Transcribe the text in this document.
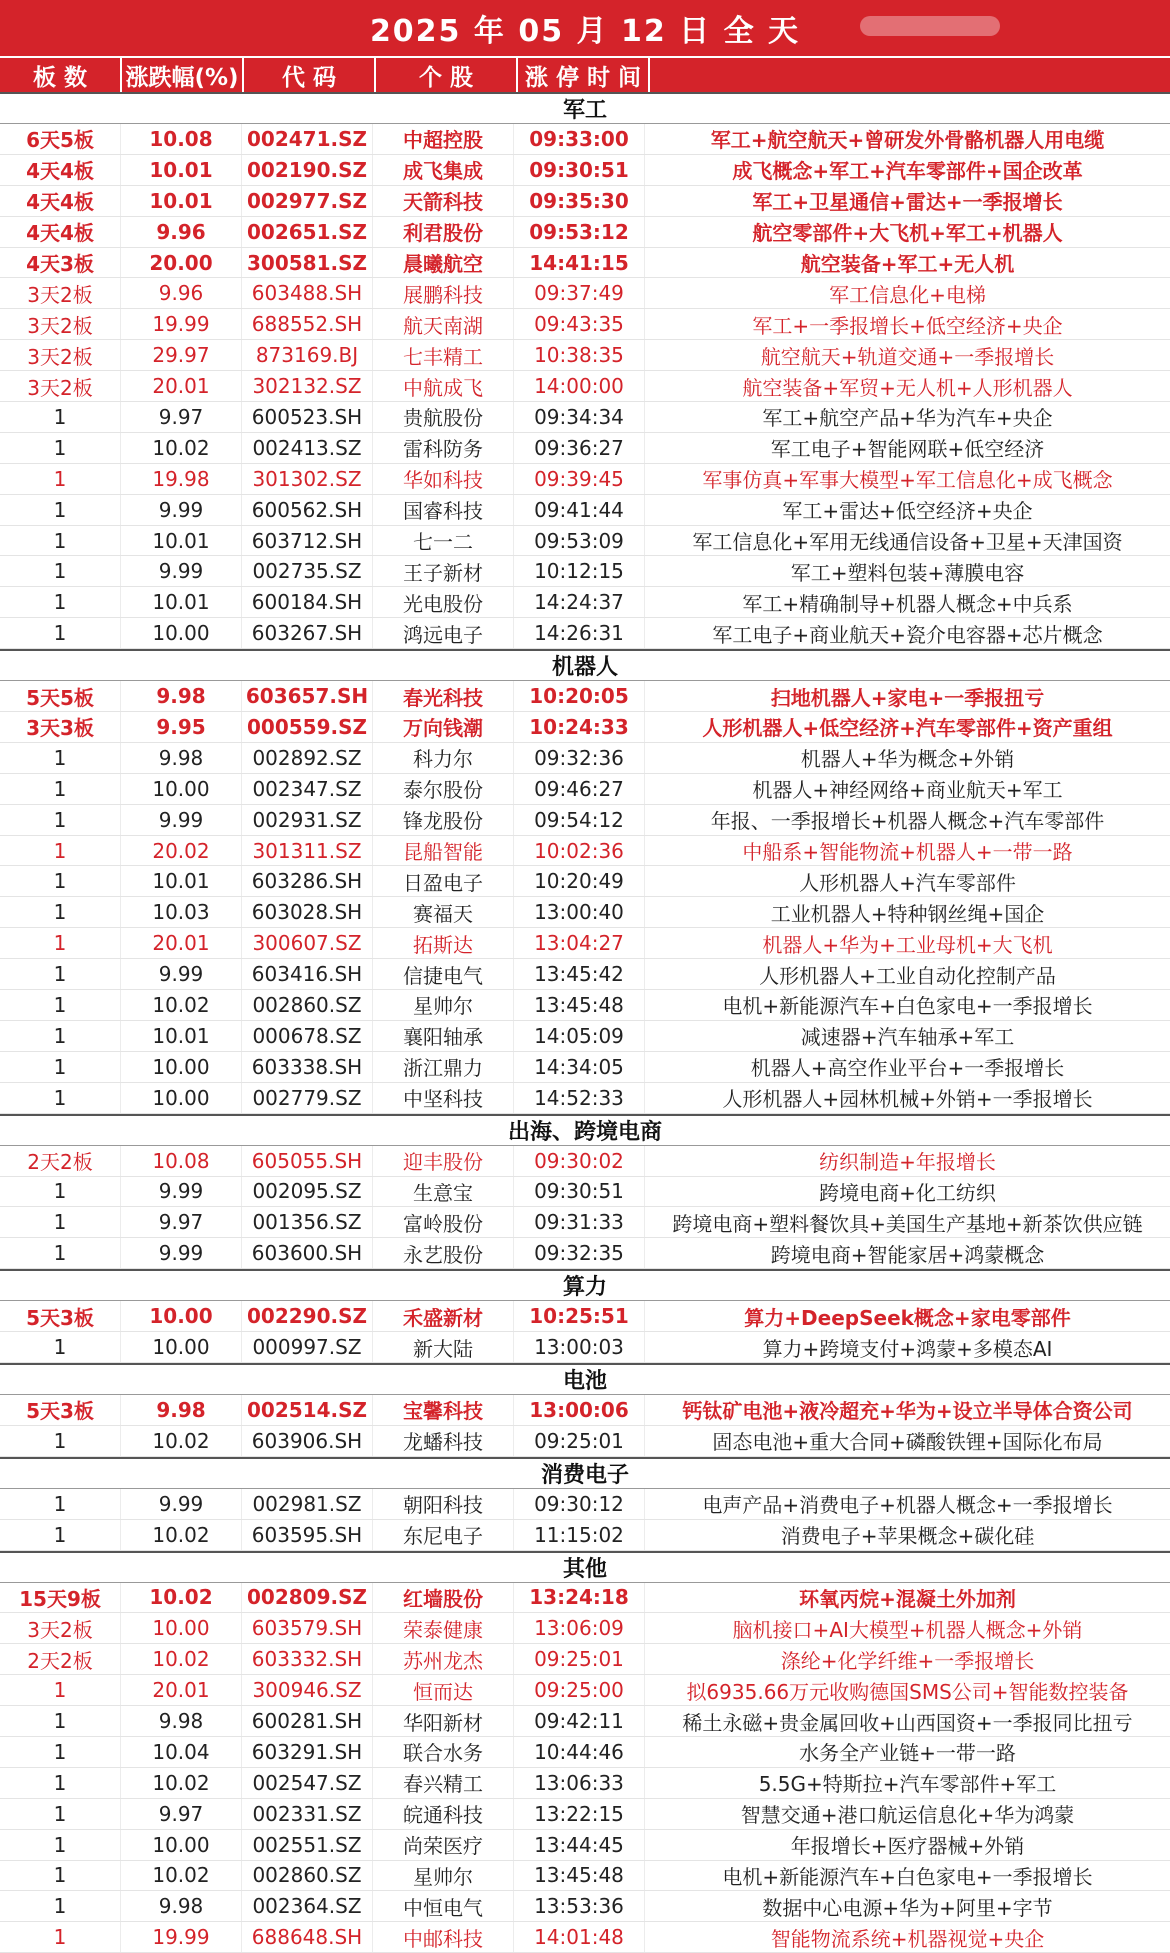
2025 年 05 月 12 日 全 天
板 数	涨跌幅(%)	代 码	个 股	涨 停 时 间
军工
6天5板	10.08	002471.SZ	中超控股	09:33:00	军工+航空航天+曾研发外骨骼机器人用电缆
4天4板	10.01	002190.SZ	成飞集成	09:30:51	成飞概念+军工+汽车零部件+国企改革
4天4板	10.01	002977.SZ	天箭科技	09:35:30	军工+卫星通信+雷达+一季报增长
4天4板	9.96	002651.SZ	利君股份	09:53:12	航空零部件+大飞机+军工+机器人
4天3板	20.00	300581.SZ	晨曦航空	14:41:15	航空装备+军工+无人机
3天2板	9.96	603488.SH	展鹏科技	09:37:49	军工信息化+电梯
3天2板	19.99	688552.SH	航天南湖	09:43:35	军工+一季报增长+低空经济+央企
3天2板	29.97	873169.BJ	七丰精工	10:38:35	航空航天+轨道交通+一季报增长
3天2板	20.01	302132.SZ	中航成飞	14:00:00	航空装备+军贸+无人机+人形机器人
1	9.97	600523.SH	贵航股份	09:34:34	军工+航空产品+华为汽车+央企
1	10.02	002413.SZ	雷科防务	09:36:27	军工电子+智能网联+低空经济
1	19.98	301302.SZ	华如科技	09:39:45	军事仿真+军事大模型+军工信息化+成飞概念
1	9.99	600562.SH	国睿科技	09:41:44	军工+雷达+低空经济+央企
1	10.01	603712.SH	七一二	09:53:09	军工信息化+军用无线通信设备+卫星+天津国资
1	9.99	002735.SZ	王子新材	10:12:15	军工+塑料包装+薄膜电容
1	10.01	600184.SH	光电股份	14:24:37	军工+精确制导+机器人概念+中兵系
1	10.00	603267.SH	鸿远电子	14:26:31	军工电子+商业航天+瓷介电容器+芯片概念
机器人
5天5板	9.98	603657.SH	春光科技	10:20:05	扫地机器人+家电+一季报扭亏
3天3板	9.95	000559.SZ	万向钱潮	10:24:33	人形机器人+低空经济+汽车零部件+资产重组
1	9.98	002892.SZ	科力尔	09:32:36	机器人+华为概念+外销
1	10.00	002347.SZ	泰尔股份	09:46:27	机器人+神经网络+商业航天+军工
1	9.99	002931.SZ	锋龙股份	09:54:12	年报、一季报增长+机器人概念+汽车零部件
1	20.02	301311.SZ	昆船智能	10:02:36	中船系+智能物流+机器人+一带一路
1	10.01	603286.SH	日盈电子	10:20:49	人形机器人+汽车零部件
1	10.03	603028.SH	赛福天	13:00:40	工业机器人+特种钢丝绳+国企
1	20.01	300607.SZ	拓斯达	13:04:27	机器人+华为+工业母机+大飞机
1	9.99	603416.SH	信捷电气	13:45:42	人形机器人+工业自动化控制产品
1	10.02	002860.SZ	星帅尔	13:45:48	电机+新能源汽车+白色家电+一季报增长
1	10.01	000678.SZ	襄阳轴承	14:05:09	减速器+汽车轴承+军工
1	10.00	603338.SH	浙江鼎力	14:34:05	机器人+高空作业平台+一季报增长
1	10.00	002779.SZ	中坚科技	14:52:33	人形机器人+园林机械+外销+一季报增长
出海、跨境电商
2天2板	10.08	605055.SH	迎丰股份	09:30:02	纺织制造+年报增长
1	9.99	002095.SZ	生意宝	09:30:51	跨境电商+化工纺织
1	9.97	001356.SZ	富岭股份	09:31:33	跨境电商+塑料餐饮具+美国生产基地+新茶饮供应链
1	9.99	603600.SH	永艺股份	09:32:35	跨境电商+智能家居+鸿蒙概念
算力
5天3板	10.00	002290.SZ	禾盛新材	10:25:51	算力+DeepSeek概念+家电零部件
1	10.00	000997.SZ	新大陆	13:00:03	算力+跨境支付+鸿蒙+多模态AI
电池
5天3板	9.98	002514.SZ	宝馨科技	13:00:06	钙钛矿电池+液冷超充+华为+设立半导体合资公司
1	10.02	603906.SH	龙蟠科技	09:25:01	固态电池+重大合同+磷酸铁锂+国际化布局
消费电子
1	9.99	002981.SZ	朝阳科技	09:30:12	电声产品+消费电子+机器人概念+一季报增长
1	10.02	603595.SH	东尼电子	11:15:02	消费电子+苹果概念+碳化硅
其他
15天9板	10.02	002809.SZ	红墙股份	13:24:18	环氧丙烷+混凝土外加剂
3天2板	10.00	603579.SH	荣泰健康	13:06:09	脑机接口+AI大模型+机器人概念+外销
2天2板	10.02	603332.SH	苏州龙杰	09:25:01	涤纶+化学纤维+一季报增长
1	20.01	300946.SZ	恒而达	09:25:00	拟6935.66万元收购德国SMS公司+智能数控装备
1	9.98	600281.SH	华阳新材	09:42:11	稀土永磁+贵金属回收+山西国资+一季报同比扭亏
1	10.04	603291.SH	联合水务	10:44:46	水务全产业链+一带一路
1	10.02	002547.SZ	春兴精工	13:06:33	5.5G+特斯拉+汽车零部件+军工
1	9.97	002331.SZ	皖通科技	13:22:15	智慧交通+港口航运信息化+华为鸿蒙
1	10.00	002551.SZ	尚荣医疗	13:44:45	年报增长+医疗器械+外销
1	10.02	002860.SZ	星帅尔	13:45:48	电机+新能源汽车+白色家电+一季报增长
1	9.98	002364.SZ	中恒电气	13:53:36	数据中心电源+华为+阿里+字节
1	19.99	688648.SH	中邮科技	14:01:48	智能物流系统+机器视觉+央企
